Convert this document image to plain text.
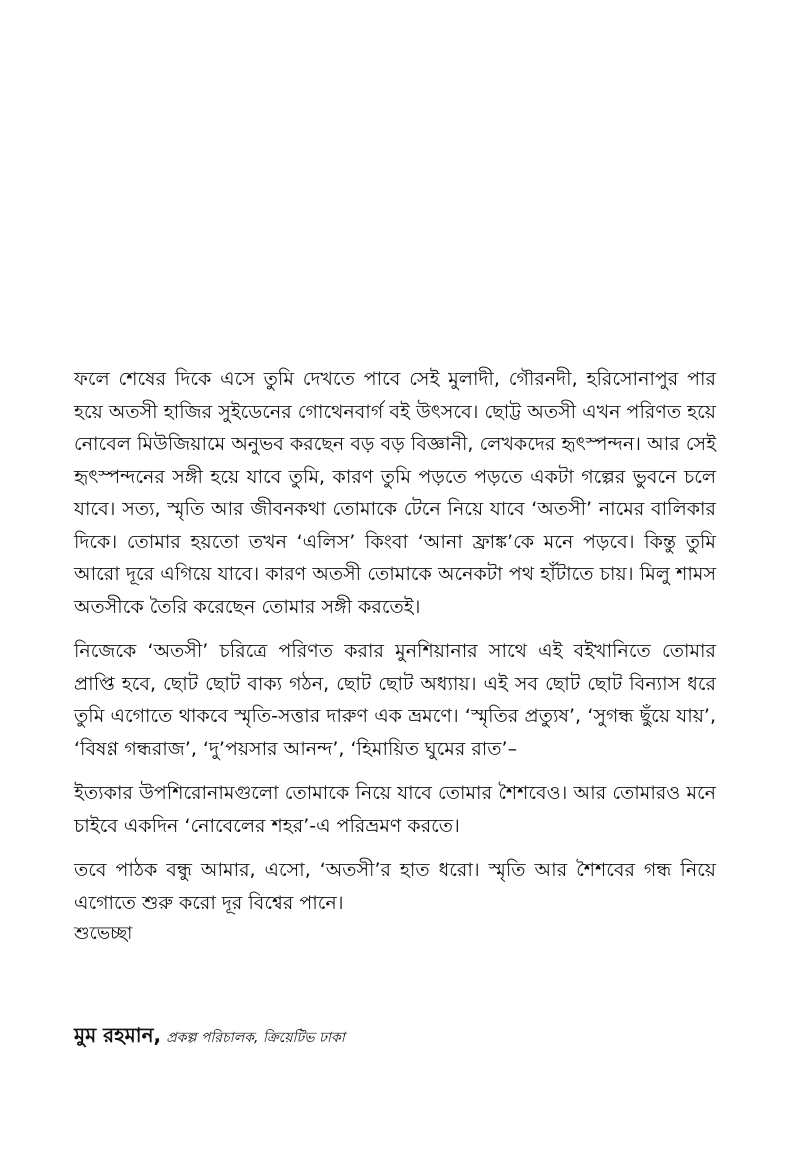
ফলে শেষের দিকে এসে তুমি দেখতে পাবে সেই মুলাদী, গৌরনদী, হরিসোনাপুর পার হয়ে অতসী হাজির সুইডেনের গোথেনবার্গ বই উৎসবে। ছোট্ট অতসী এখন পরিণত হয়ে নোবেল মিউজিয়ামে অনুভব করছেন বড় বড় বিজ্ঞানী, লেখকদের হৃৎস্পন্দন। আর সেই হৃৎস্পন্দনের সঙ্গী হয়ে যাবে তুমি, কারণ তুমি পড়তে পড়তে একটা গল্পের ভুবনে চলে যাবে। সত্য, স্মৃতি আর জীবনকথা তোমাকে টেনে নিয়ে যাবে ‘অতসী’ নামের বালিকার দিকে। তোমার হয়তো তখন ‘এলিস’ কিংবা ‘আনা ফ্রাঙ্ক’কে মনে পড়বে। কিন্তু তুমি আরো দূরে এগিয়ে যাবে। কারণ অতসী তোমাকে অনেকটা পথ হাঁটাতে চায়। মিলু শামস অতসীকে তৈরি করেছেন তোমার সঙ্গী করতেই।

নিজেকে ‘অতসী’ চরিত্রে পরিণত করার মুনশিয়ানার সাথে এই বইখানিতে তোমার প্রাপ্তি হবে, ছোট ছোট বাক্য গঠন, ছোট ছোট অধ্যায়। এই সব ছোট ছোট বিন্যাস ধরে তুমি এগোতে থাকবে স্মৃতি-সত্তার দারুণ এক ভ্রমণে। ‘স্মৃতির প্রত্যুষ’, ‘সুগন্ধ ছুঁয়ে যায়’, ‘বিষণ্ণ গন্ধরাজ’, ‘দু’পয়সার আনন্দ’, ‘হিমায়িত ঘুমের রাত’–

ইত্যকার উপশিরোনামগুলো তোমাকে নিয়ে যাবে তোমার শৈশবেও। আর তোমারও মনে চাইবে একদিন ‘নোবেলের শহর’-এ পরিভ্রমণ করতে।

তবে পাঠক বন্ধু আমার, এসো, ‘অতসী’র হাত ধরো। স্মৃতি আর শৈশবের গন্ধ নিয়ে এগোতে শুরু করো দূর বিশ্বের পানে।

শুভেচ্ছা

মুম রহমান, প্রকল্প পরিচালক, ক্রিয়েটিভ ঢাকা
